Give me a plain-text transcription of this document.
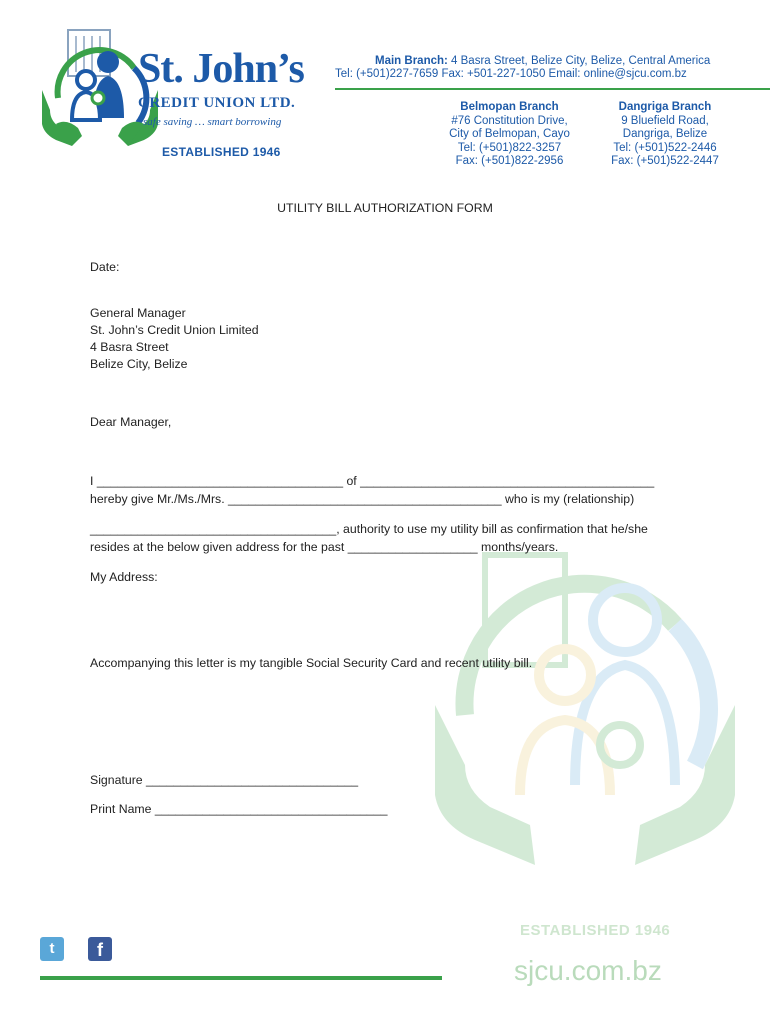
St. John’s
CREDIT UNION LTD.
safe saving … smart borrowing
ESTABLISHED 1946
Main Branch: 4 Basra Street, Belize City, Belize, Central America
Tel: (+501)227-7659 Fax: +501-227-1050 Email: online@sjcu.com.bz
Belmopan Branch
#76 Constitution Drive,
City of Belmopan, Cayo
Tel: (+501)822-3257
Fax: (+501)822-2956
Dangriga Branch
9 Bluefield Road,
Dangriga, Belize
Tel: (+501)522-2446
Fax: (+501)522-2447
ESTABLISHED 1946
sjcu.com.bz
UTILITY BILL AUTHORIZATION FORM
Date:
General Manager
St. John’s Credit Union Limited
4 Basra Street
Belize City, Belize
Dear Manager,
I ____________________________________ of ___________________________________________
hereby give Mr./Ms./Mrs. ________________________________________ who is my (relationship)
____________________________________, authority to use my utility bill as confirmation that he/she
resides at the below given address for the past ___________________ months/years.
My Address:
Accompanying this letter is my tangible Social Security Card and recent utility bill.
Signature _______________________________
Print Name __________________________________
t	f
